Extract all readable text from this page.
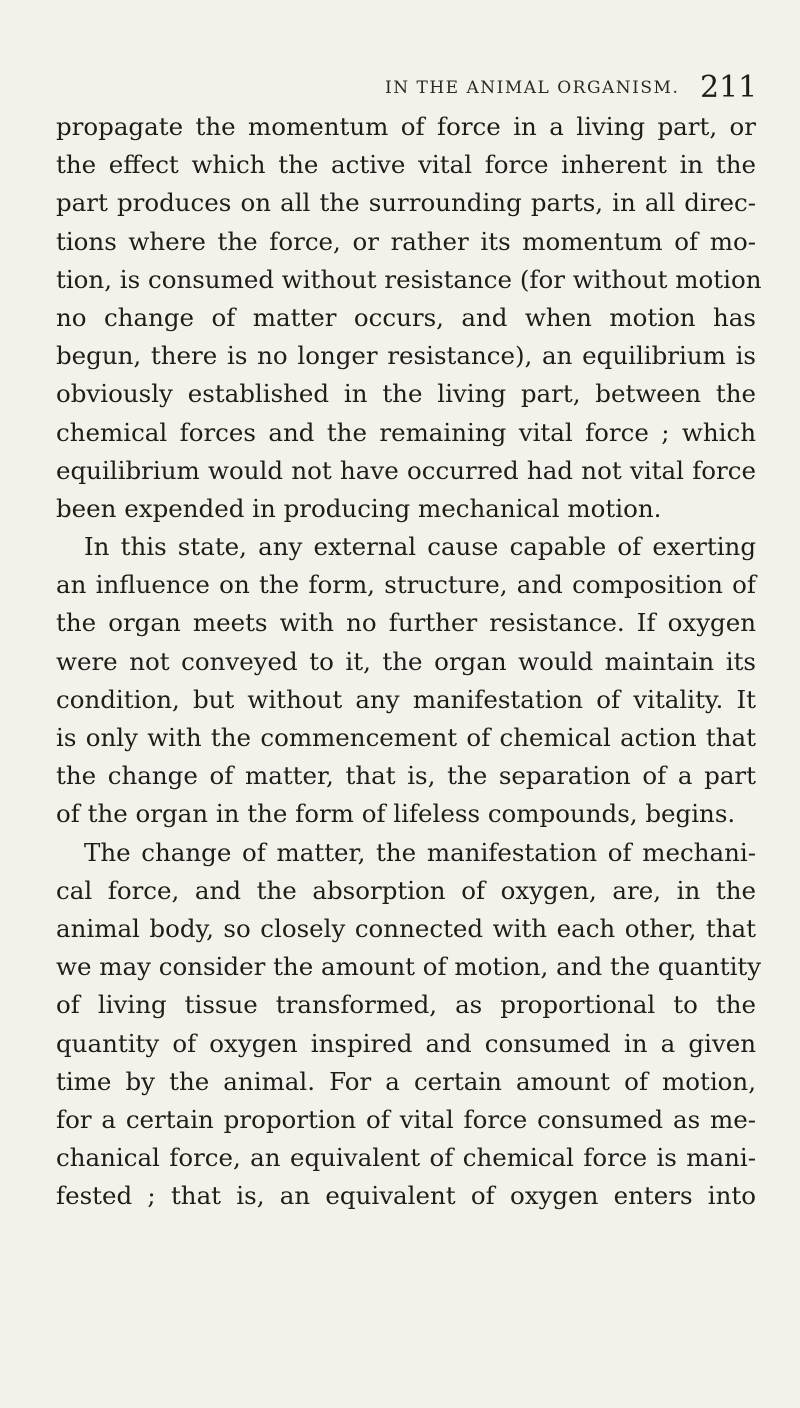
IN THE ANIMAL ORGANISM. 211
propagate the momentum of force in a living part, or
the effect which the active vital force inherent in the
part produces on all the surrounding parts, in all direc-
tions where the force, or rather its momentum of mo-
tion, is consumed without resistance (for without motion
no change of matter occurs, and when motion has
begun, there is no longer resistance), an equilibrium is
obviously established in the living part, between the
chemical forces and the remaining vital force ; which
equilibrium would not have occurred had not vital force
been expended in producing mechanical motion.
In this state, any external cause capable of exerting
an influence on the form, structure, and composition of
the organ meets with no further resistance. If oxygen
were not conveyed to it, the organ would maintain its
condition, but without any manifestation of vitality. It
is only with the commencement of chemical action that
the change of matter, that is, the separation of a part
of the organ in the form of lifeless compounds, begins.
The change of matter, the manifestation of mechani-
cal force, and the absorption of oxygen, are, in the
animal body, so closely connected with each other, that
we may consider the amount of motion, and the quantity
of living tissue transformed, as proportional to the
quantity of oxygen inspired and consumed in a given
time by the animal. For a certain amount of motion,
for a certain proportion of vital force consumed as me-
chanical force, an equivalent of chemical force is mani-
fested ; that is, an equivalent of oxygen enters into
